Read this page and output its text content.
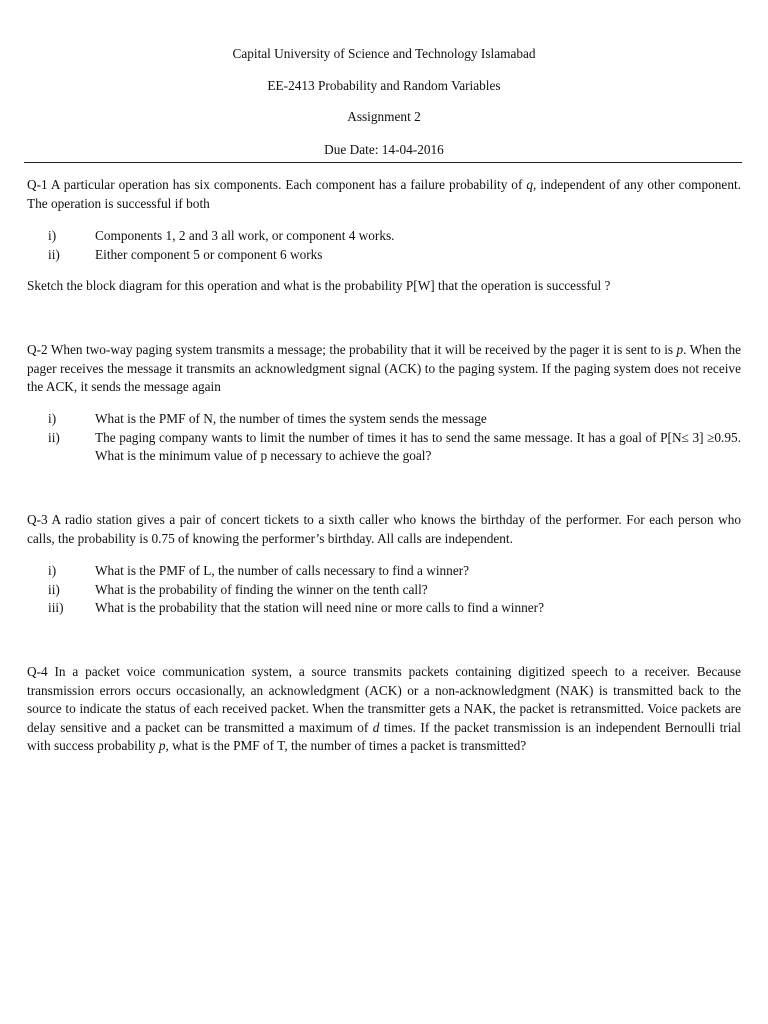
Capital University of Science and Technology Islamabad
EE-2413 Probability and Random Variables
Assignment 2
Due Date: 14-04-2016

Q-1 A particular operation has six components. Each component has a failure probability of q, independent of any other component. The operation is successful if both

i)	Components 1, 2 and 3 all work, or component 4 works.
ii)	Either component 5 or component 6 works
Sketch the block diagram for this operation and what is the probability P[W] that the operation is successful ?

Q-2 When two-way paging system transmits a message; the probability that it will be received by the pager it is sent to is p. When the pager receives the message it transmits an acknowledgment signal (ACK) to the paging system. If the paging system does not receive the ACK, it sends the message again

i)	What is the PMF of N, the number of times the system sends the message
ii)	The paging company wants to limit the number of times it has to send the same message. It has a goal of P[N≤ 3] ≥0.95. What is the minimum value of p necessary to achieve the goal?
Q-3 A radio station gives a pair of concert tickets to a sixth caller who knows the birthday of the performer. For each person who calls, the probability is 0.75 of knowing the performer’s birthday. All calls are independent.
i)	What is the PMF of L, the number of calls necessary to find a winner?
ii)	What is the probability of finding the winner on the tenth call?
iii)	What is the probability that the station will need nine or more calls to find a winner?

Q-4 In a packet voice communication system, a source transmits packets containing digitized speech to a receiver. Because transmission errors occurs occasionally, an acknowledgment (ACK) or a non-acknowledgment (NAK) is transmitted back to the source to indicate the status of each received packet. When the transmitter gets a NAK, the packet is retransmitted. Voice packets are delay sensitive and a packet can be transmitted a maximum of d times. If the packet transmission is an independent Bernoulli trial with success probability p, what is the PMF of T, the number of times a packet is transmitted?
